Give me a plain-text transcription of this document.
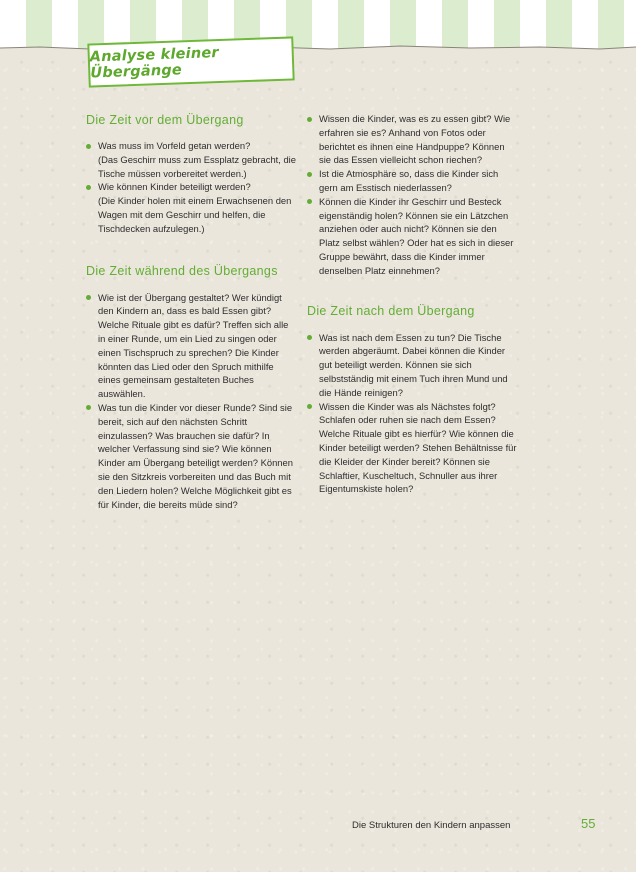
Analyse kleiner Übergänge
Die Zeit vor dem Übergang
Was muss im Vorfeld getan werden?
(Das Geschirr muss zum Essplatz gebracht, die Tische müssen vorbereitet werden.)
Wie können Kinder beteiligt werden?
(Die Kinder holen mit einem Erwachsenen den Wagen mit dem Geschirr und helfen, die Tischdecken aufzulegen.)
Die Zeit während des Übergangs
Wie ist der Übergang gestaltet? Wer kündigt den Kindern an, dass es bald Essen gibt? Welche Rituale gibt es dafür? Treffen sich alle in einer Runde, um ein Lied zu singen oder einen Tischspruch zu sprechen? Die Kinder könnten das Lied oder den Spruch mithilfe eines gemeinsam gestalteten Buches auswählen.
Was tun die Kinder vor dieser Runde? Sind sie bereit, sich auf den nächsten Schritt einzulassen? Was brauchen sie dafür? In welcher Verfassung sind sie? Wie können Kinder am Übergang beteiligt werden? Können sie den Sitzkreis vorbereiten und das Buch mit den Liedern holen? Welche Möglichkeit gibt es für Kinder, die bereits müde sind?
Wissen die Kinder, was es zu essen gibt? Wie erfahren sie es? Anhand von Fotos oder berichtet es ihnen eine Handpuppe? Können sie das Essen vielleicht schon riechen?
Ist die Atmosphäre so, dass die Kinder sich gern am Esstisch niederlassen?
Können die Kinder ihr Geschirr und Besteck eigenständig holen? Können sie ein Lätzchen anziehen oder auch nicht? Können sie den Platz selbst wählen? Oder hat es sich in dieser Gruppe bewährt, dass die Kinder immer denselben Platz einnehmen?
Die Zeit nach dem Übergang
Was ist nach dem Essen zu tun? Die Tische werden abgeräumt. Dabei können die Kinder gut beteiligt werden. Können sie sich selbstständig mit einem Tuch ihren Mund und die Hände reinigen?
Wissen die Kinder was als Nächstes folgt? Schlafen oder ruhen sie nach dem Essen? Welche Rituale gibt es hierfür? Wie können die Kinder beteiligt werden? Stehen Behältnisse für die Kleider der Kinder bereit? Können sie Schlaftier, Kuscheltuch, Schnuller aus ihrer Eigentumskiste holen?
Die Strukturen den Kindern anpassen	55
